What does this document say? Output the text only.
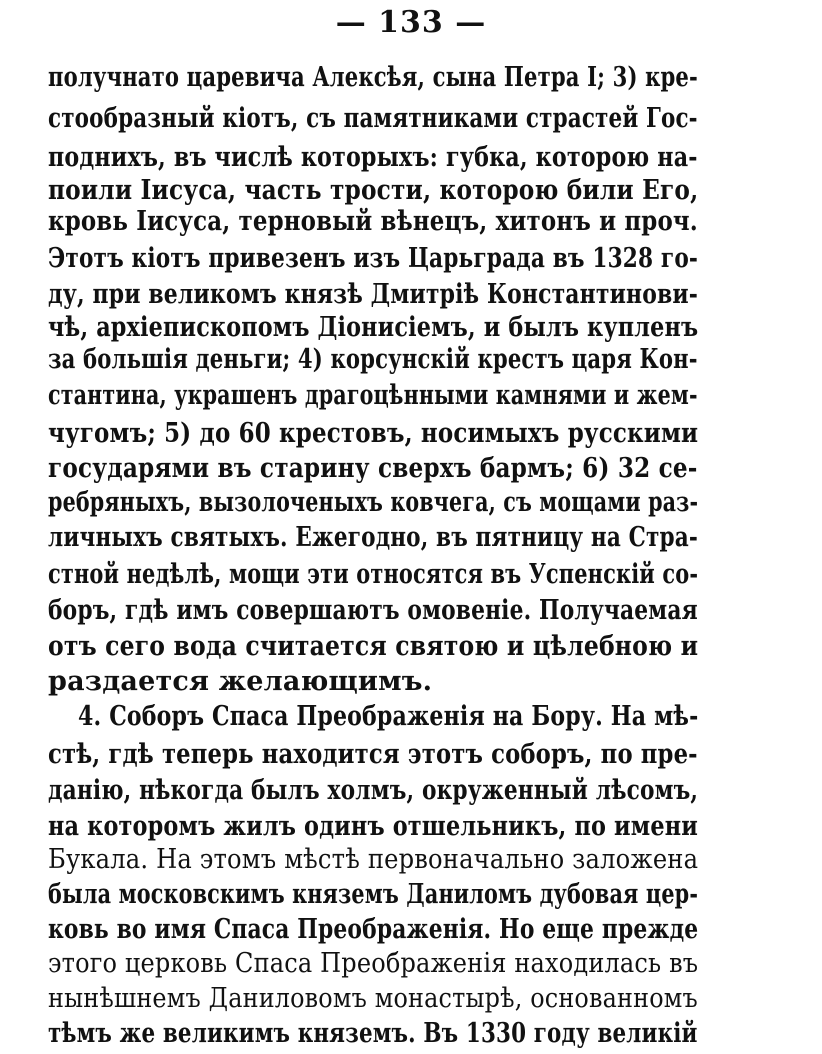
— 133 —
получнато царевича Алексѣя, сына Петра I; 3) кре-
стообразный кіотъ, съ памятниками страстей Гос-
поднихъ, въ числѣ которыхъ: губка, которою на-
поили Іисуса, часть трости, которою били Его,
кровь Іисуса, терновый вѣнецъ, хитонъ и проч.
Этотъ кіотъ привезенъ изъ Царьграда въ 1328 го-
ду, при великомъ князѣ Дмитріѣ Константинови-
чѣ, архіепископомъ Діонисіемъ, и былъ купленъ
за большія деньги; 4) корсунскій крестъ царя Кон-
стантина, украшенъ драгоцѣнными камнями и жем-
чугомъ; 5) до 60 крестовъ, носимыхъ русскими
государями въ старину сверхъ бармъ; 6) 32 се-
ребряныхъ, вызолоченыхъ ковчега, съ мощами раз-
личныхъ святыхъ. Ежегодно, въ пятницу на Стра-
стной недѣлѣ, мощи эти относятся въ Успенскій со-
боръ, гдѣ имъ совершаютъ омовеніе. Получаемая
отъ сего вода считается святою и цѣлебною и
раздается желающимъ.
4. Соборъ Спаса Преображенія на Бору. На мѣ-
стѣ, гдѣ теперь находится этотъ соборъ, по пре-
данію, нѣкогда былъ холмъ, окруженный лѣсомъ,
на которомъ жилъ одинъ отшельникъ, по имени
Букала. На этомъ мѣстѣ первоначально заложена
была московскимъ княземъ Даниломъ дубовая цер-
ковь во имя Спаса Преображенія. Но еще прежде
этого церковь Спаса Преображенія находилась въ
нынѣшнемъ Даниловомъ монастырѣ, основанномъ
тѣмъ же великимъ княземъ. Въ 1330 году великій
